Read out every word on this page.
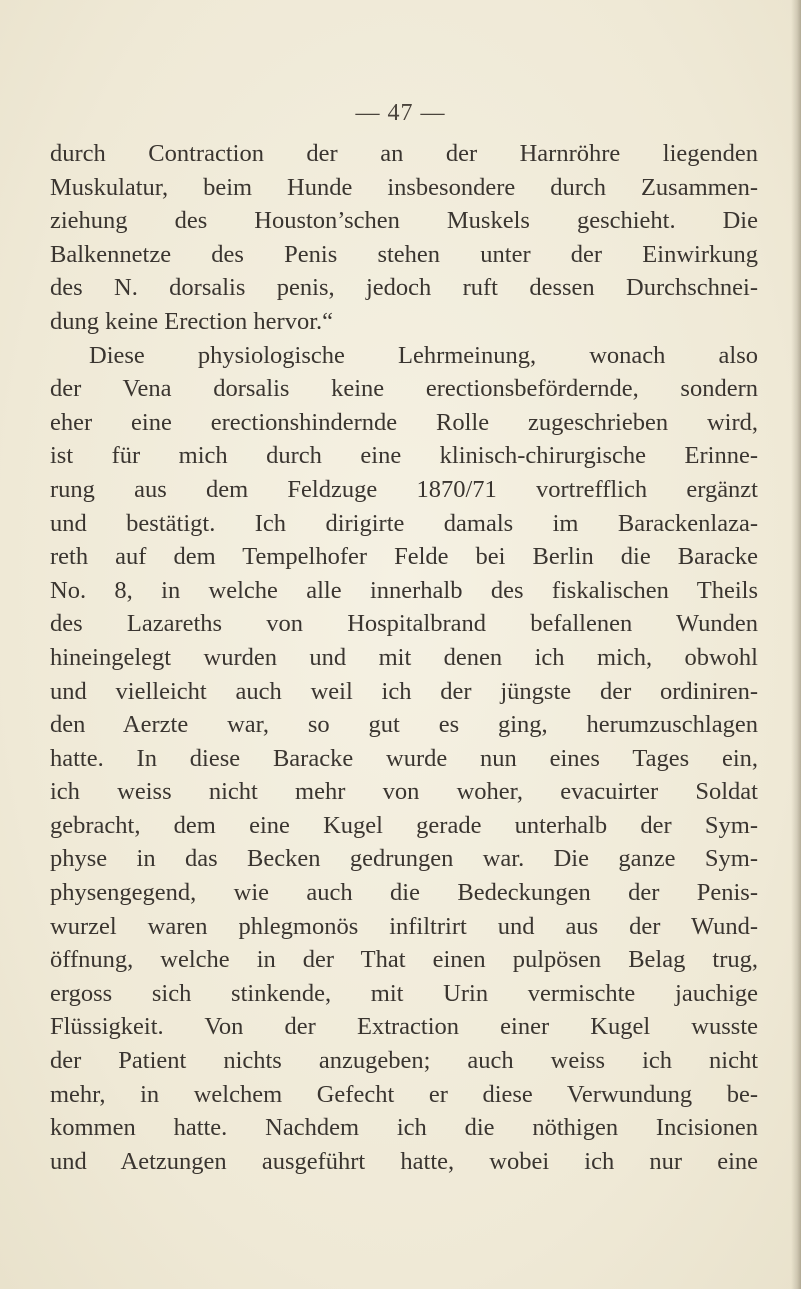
— 47 —
durch Contraction der an der Harnröhre liegenden
Muskulatur, beim Hunde insbesondere durch Zusammen-
ziehung des Houston’schen Muskels geschieht. Die
Balkennetze des Penis stehen unter der Einwirkung
des N. dorsalis penis, jedoch ruft dessen Durchschnei-
dung keine Erection hervor.“
Diese physiologische Lehrmeinung, wonach also
der Vena dorsalis keine erectionsbefördernde, sondern
eher eine erectionshindernde Rolle zugeschrieben wird,
ist für mich durch eine klinisch-chirurgische Erinne-
rung aus dem Feldzuge 1870/71 vortrefflich ergänzt
und bestätigt. Ich dirigirte damals im Barackenlaza-
reth auf dem Tempelhofer Felde bei Berlin die Baracke
No. 8, in welche alle innerhalb des fiskalischen Theils
des Lazareths von Hospitalbrand befallenen Wunden
hineingelegt wurden und mit denen ich mich, obwohl
und vielleicht auch weil ich der jüngste der ordiniren-
den Aerzte war, so gut es ging, herumzuschlagen
hatte. In diese Baracke wurde nun eines Tages ein,
ich weiss nicht mehr von woher, evacuirter Soldat
gebracht, dem eine Kugel gerade unterhalb der Sym-
physe in das Becken gedrungen war. Die ganze Sym-
physengegend, wie auch die Bedeckungen der Penis-
wurzel waren phlegmonös infiltrirt und aus der Wund-
öffnung, welche in der That einen pulpösen Belag trug,
ergoss sich stinkende, mit Urin vermischte jauchige
Flüssigkeit. Von der Extraction einer Kugel wusste
der Patient nichts anzugeben; auch weiss ich nicht
mehr, in welchem Gefecht er diese Verwundung be-
kommen hatte. Nachdem ich die nöthigen Incisionen
und Aetzungen ausgeführt hatte, wobei ich nur eine
